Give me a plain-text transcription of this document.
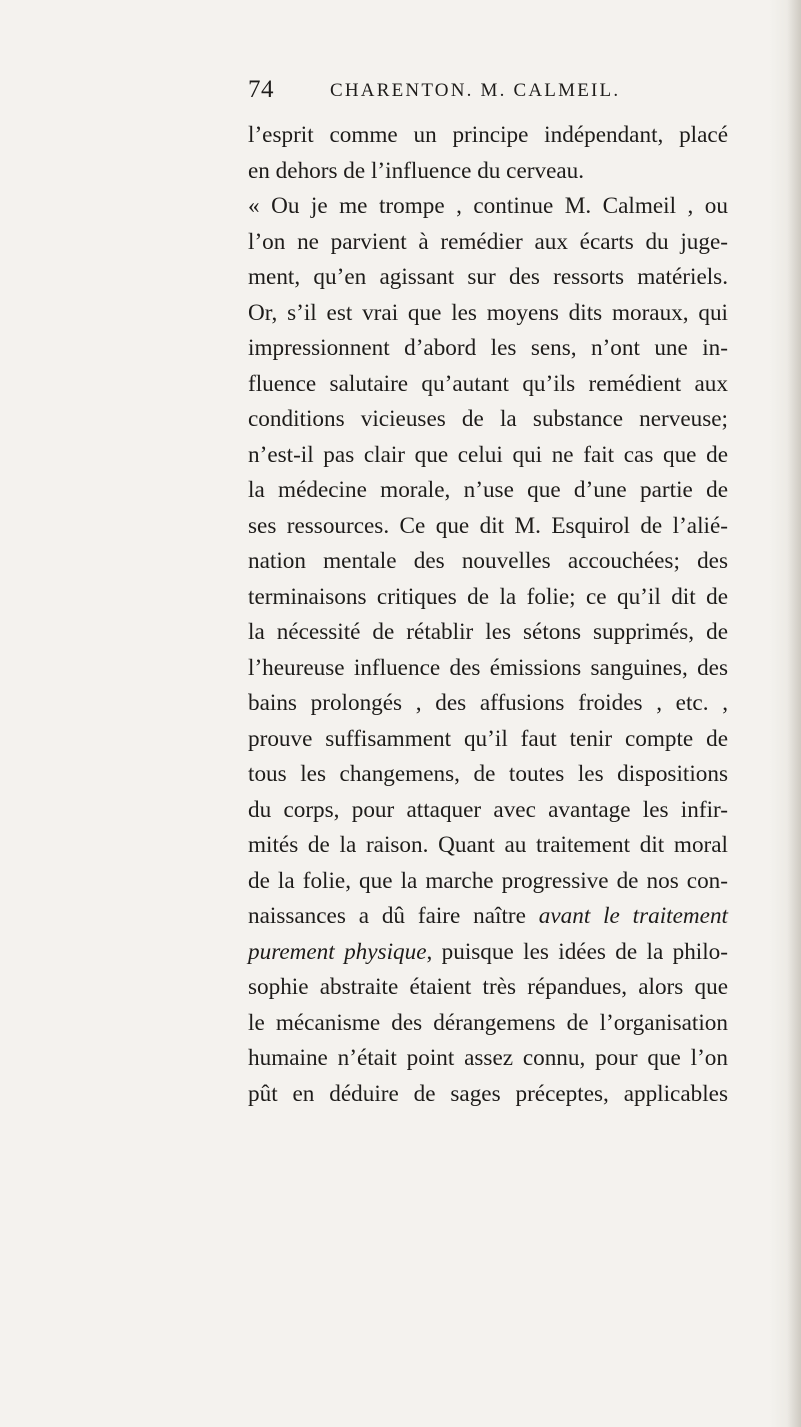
74	CHARENTON. M. CALMEIL.
l’esprit comme un principe indépendant, placé
en dehors de l’influence du cerveau.
« Ou je me trompe , continue M. Calmeil , ou
l’on ne parvient à remédier aux écarts du juge-
ment, qu’en agissant sur des ressorts matériels.
Or, s’il est vrai que les moyens dits moraux, qui
impressionnent d’abord les sens, n’ont une in-
fluence salutaire qu’autant qu’ils remédient aux
conditions vicieuses de la substance nerveuse;
n’est-il pas clair que celui qui ne fait cas que de
la médecine morale, n’use que d’une partie de
ses ressources. Ce que dit M. Esquirol de l’alié-
nation mentale des nouvelles accouchées; des
terminaisons critiques de la folie; ce qu’il dit de
la nécessité de rétablir les sétons supprimés, de
l’heureuse influence des émissions sanguines, des
bains prolongés , des affusions froides , etc. ,
prouve suffisamment qu’il faut tenir compte de
tous les changemens, de toutes les dispositions
du corps, pour attaquer avec avantage les infir-
mités de la raison. Quant au traitement dit moral
de la folie, que la marche progressive de nos con-
naissances a dû faire naître avant le traitement
purement physique, puisque les idées de la philo-
sophie abstraite étaient très répandues, alors que
le mécanisme des dérangemens de l’organisation
humaine n’était point assez connu, pour que l’on
pût en déduire de sages préceptes, applicables
